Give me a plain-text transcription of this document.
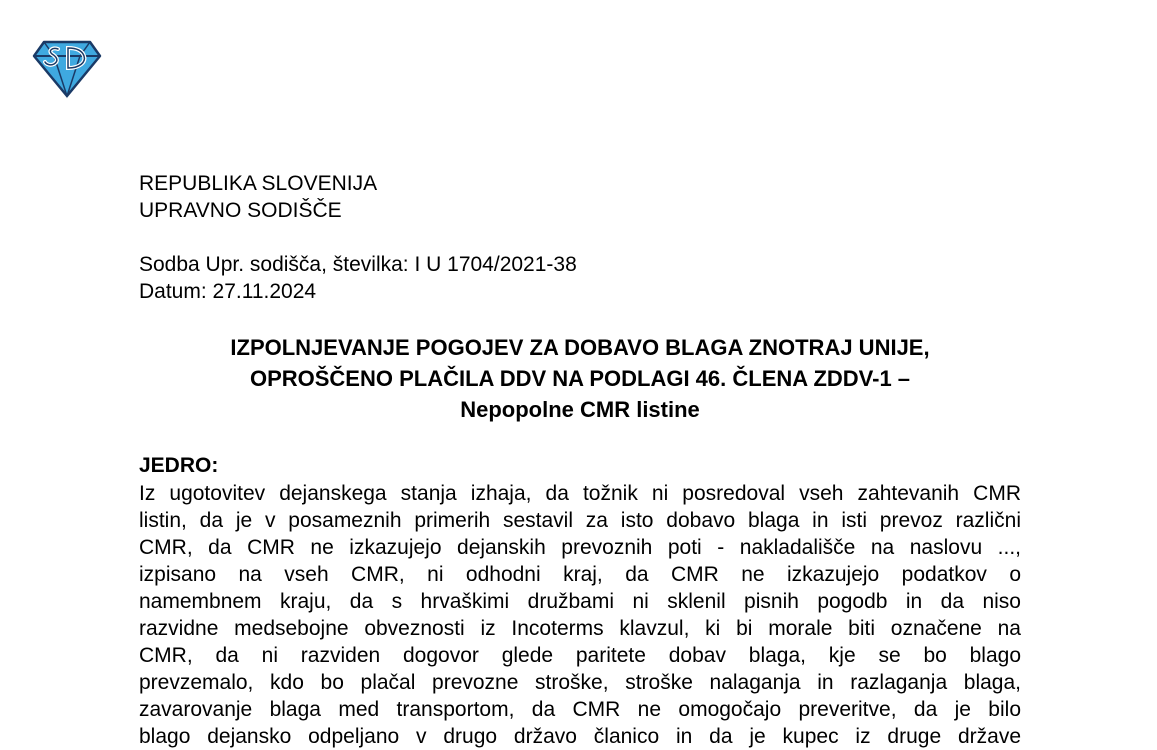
REPUBLIKA SLOVENIJA
UPRAVNO SODIŠČE
Sodba Upr. sodišča, številka: I U 1704/2021-38
Datum: 27.11.2024
IZPOLNJEVANJE POGOJEV ZA DOBAVO BLAGA ZNOTRAJ UNIJE,
OPROŠČENO PLAČILA DDV NA PODLAGI 46. ČLENA ZDDV-1 –
Nepopolne CMR listine
JEDRO:
Iz ugotovitev dejanskega stanja izhaja, da tožnik ni posredoval vseh zahtevanih CMR
listin, da je v posameznih primerih sestavil za isto dobavo blaga in isti prevoz različni
CMR, da CMR ne izkazujejo dejanskih prevoznih poti - nakladališče na naslovu ...,
izpisano na vseh CMR, ni odhodni kraj, da CMR ne izkazujejo podatkov o
namembnem kraju, da s hrvaškimi družbami ni sklenil pisnih pogodb in da niso
razvidne medsebojne obveznosti iz Incoterms klavzul, ki bi morale biti označene na
CMR, da ni razviden dogovor glede paritete dobav blaga, kje se bo blago
prevzemalo, kdo bo plačal prevozne stroške, stroške nalaganja in razlaganja blaga,
zavarovanje blaga med transportom, da CMR ne omogočajo preveritve, da je bilo
blago dejansko odpeljano v drugo državo članico in da je kupec iz druge države
